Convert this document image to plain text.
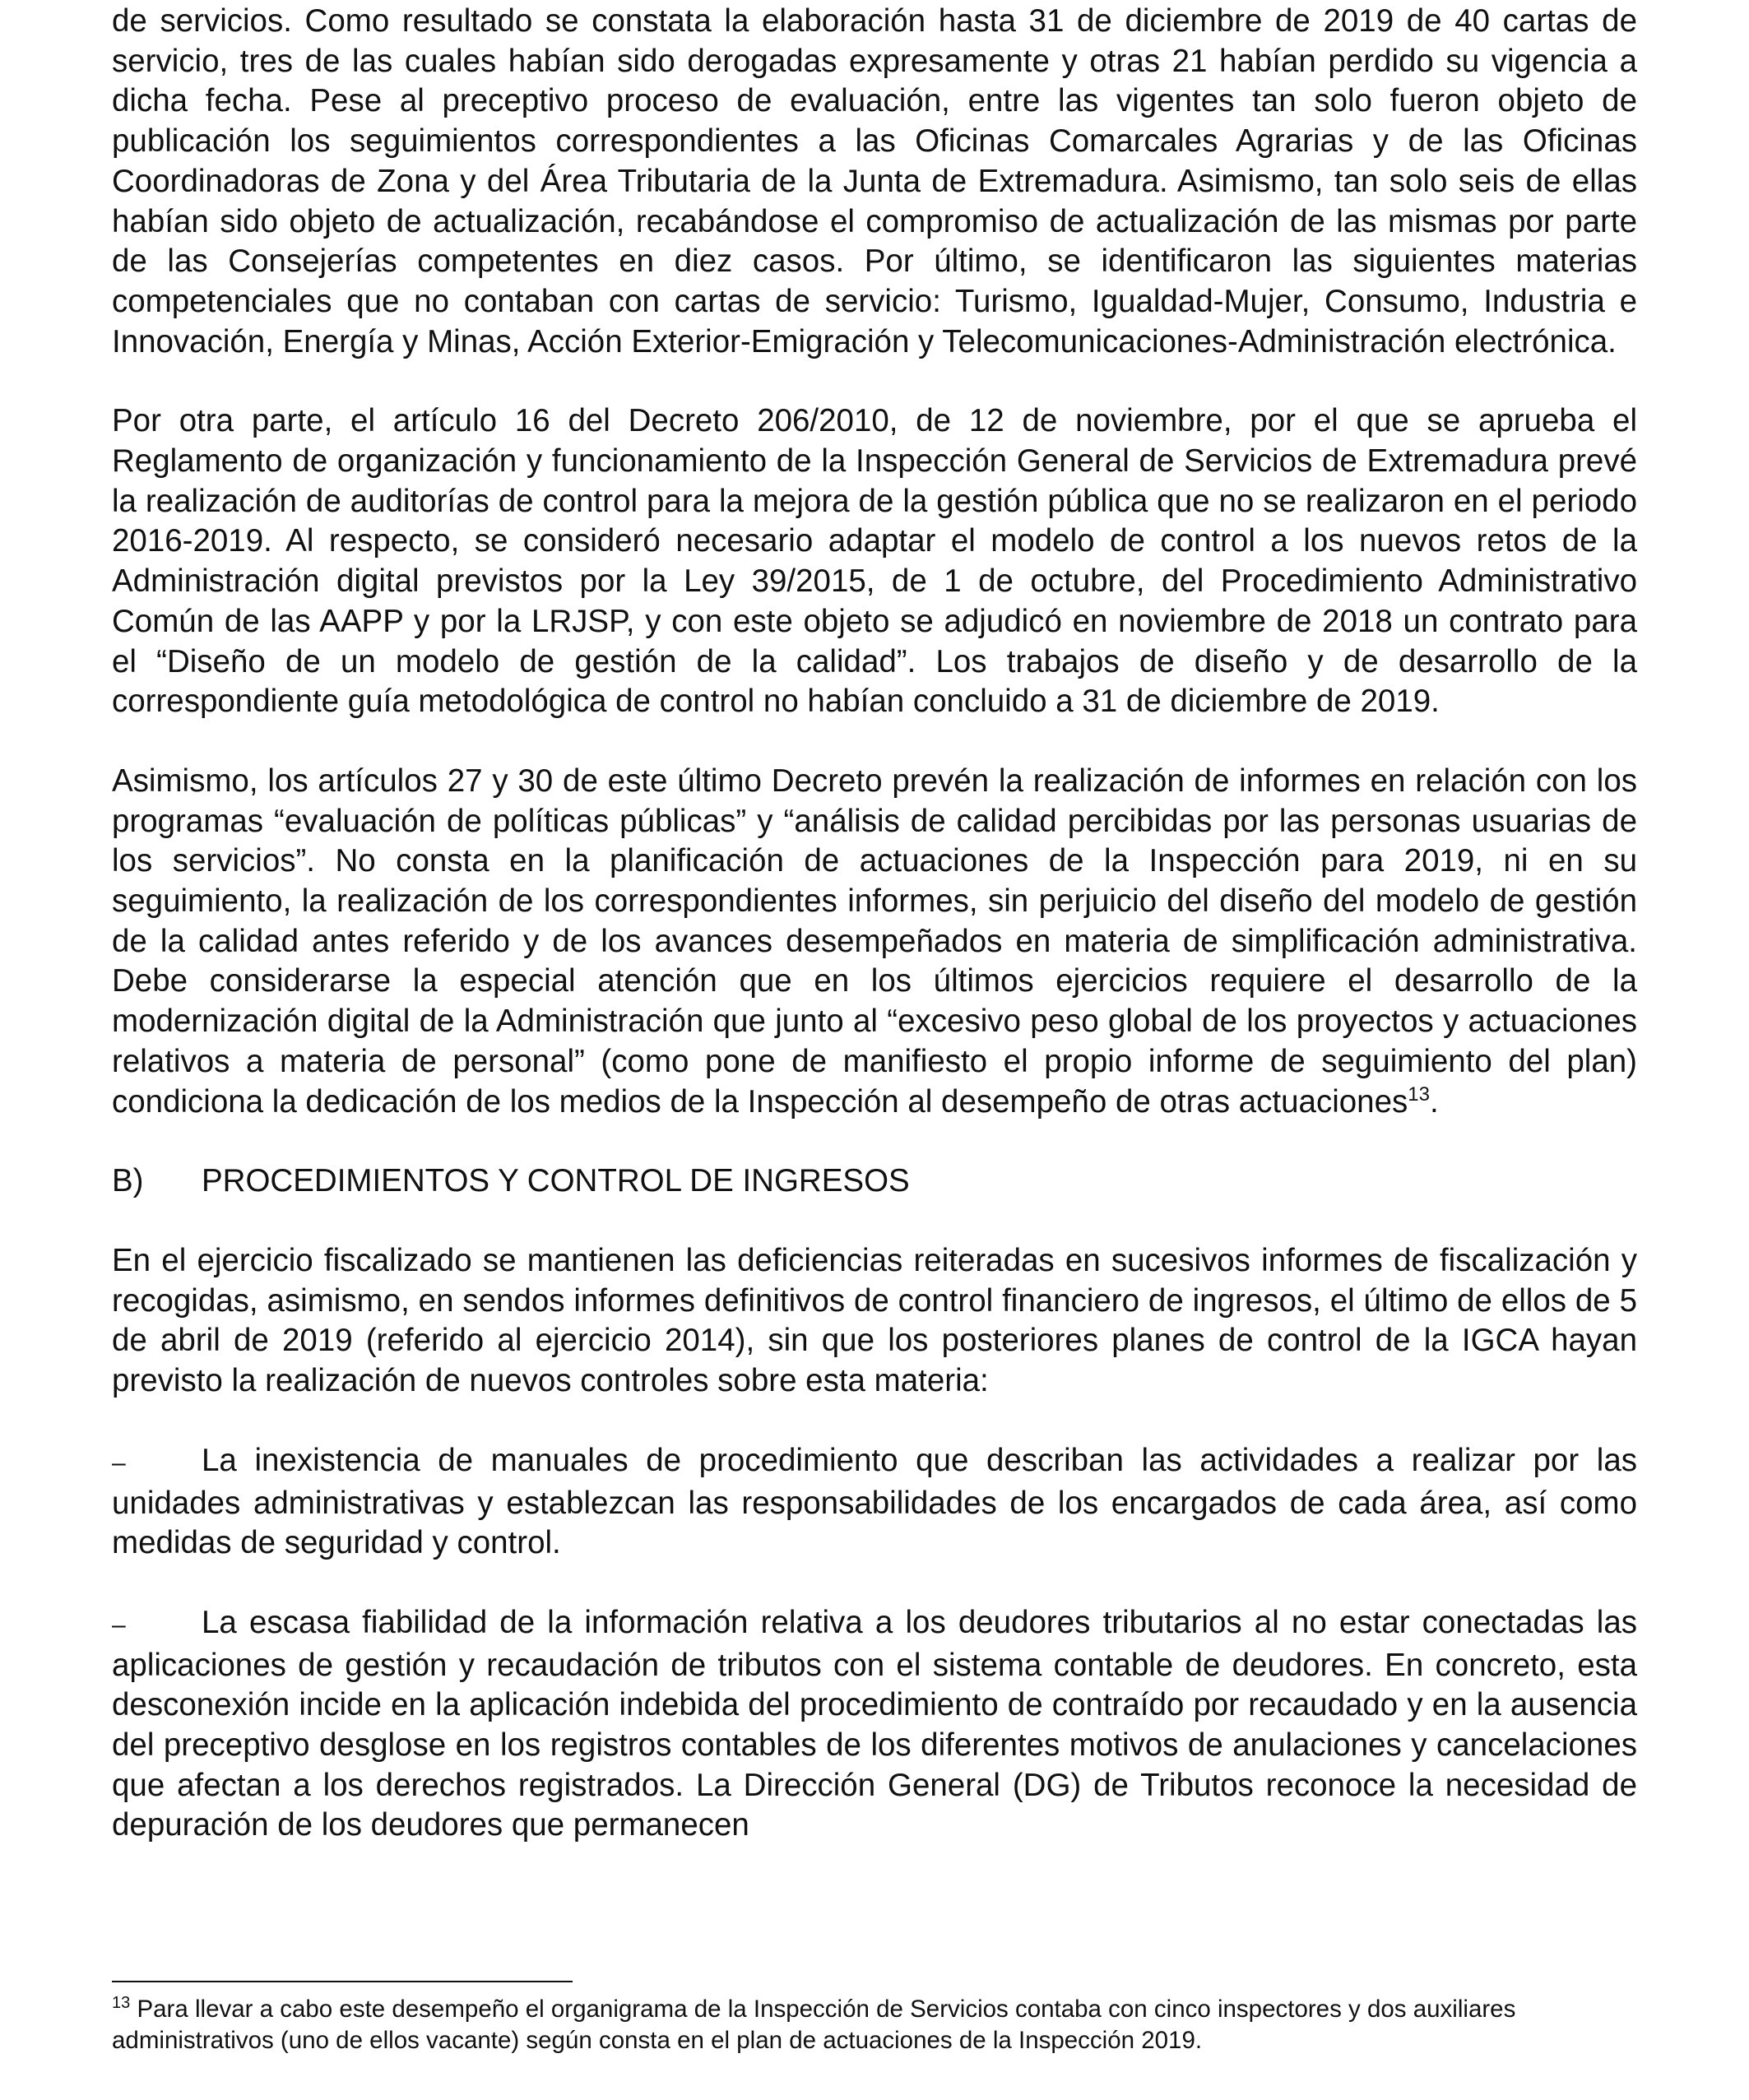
de servicios. Como resultado se constata la elaboración hasta 31 de diciembre de 2019 de 40 cartas de servicio, tres de las cuales habían sido derogadas expresamente y otras 21 habían perdido su vigencia a dicha fecha. Pese al preceptivo proceso de evaluación, entre las vigentes tan solo fueron objeto de publicación los seguimientos correspondientes a las Oficinas Comarcales Agrarias y de las Oficinas Coordinadoras de Zona y del Área Tributaria de la Junta de Extremadura. Asimismo, tan solo seis de ellas habían sido objeto de actualización, recabándose el compromiso de actualización de las mismas por parte de las Consejerías competentes en diez casos. Por último, se identificaron las siguientes materias competenciales que no contaban con cartas de servicio: Turismo, Igualdad-Mujer, Consumo, Industria e Innovación, Energía y Minas, Acción Exterior-Emigración y Telecomunicaciones-Administración electrónica.

Por otra parte, el artículo 16 del Decreto 206/2010, de 12 de noviembre, por el que se aprueba el Reglamento de organización y funcionamiento de la Inspección General de Servicios de Extremadura prevé la realización de auditorías de control para la mejora de la gestión pública que no se realizaron en el periodo 2016-2019. Al respecto, se consideró necesario adaptar el modelo de control a los nuevos retos de la Administración digital previstos por la Ley 39/2015, de 1 de octubre, del Procedimiento Administrativo Común de las AAPP y por la LRJSP, y con este objeto se adjudicó en noviembre de 2018 un contrato para el “Diseño de un modelo de gestión de la calidad”. Los trabajos de diseño y de desarrollo de la correspondiente guía metodológica de control no habían concluido a 31 de diciembre de 2019.

Asimismo, los artículos 27 y 30 de este último Decreto prevén la realización de informes en relación con los programas “evaluación de políticas públicas” y “análisis de calidad percibidas por las personas usuarias de los servicios”. No consta en la planificación de actuaciones de la Inspección para 2019, ni en su seguimiento, la realización de los correspondientes informes, sin perjuicio del diseño del modelo de gestión de la calidad antes referido y de los avances desempeñados en materia de simplificación administrativa. Debe considerarse la especial atención que en los últimos ejercicios requiere el desarrollo de la modernización digital de la Administración que junto al “excesivo peso global de los proyectos y actuaciones relativos a materia de personal” (como pone de manifiesto el propio informe de seguimiento del plan) condiciona la dedicación de los medios de la Inspección al desempeño de otras actuaciones$^{13}$.

B)	PROCEDIMIENTOS Y CONTROL DE INGRESOS

En el ejercicio fiscalizado se mantienen las deficiencias reiteradas en sucesivos informes de fiscalización y recogidas, asimismo, en sendos informes definitivos de control financiero de ingresos, el último de ellos de 5 de abril de 2019 (referido al ejercicio 2014), sin que los posteriores planes de control de la IGCA hayan previsto la realización de nuevos controles sobre esta materia:

– La inexistencia de manuales de procedimiento que describan las actividades a realizar por las unidades administrativas y establezcan las responsabilidades de los encargados de cada área, así como medidas de seguridad y control.

– La escasa fiabilidad de la información relativa a los deudores tributarios al no estar conectadas las aplicaciones de gestión y recaudación de tributos con el sistema contable de deudores. En concreto, esta desconexión incide en la aplicación indebida del procedimiento de contraído por recaudado y en la ausencia del preceptivo desglose en los registros contables de los diferentes motivos de anulaciones y cancelaciones que afectan a los derechos registrados. La Dirección General (DG) de Tributos reconoce la necesidad de depuración de los deudores que permanecen

$^{13}$ Para llevar a cabo este desempeño el organigrama de la Inspección de Servicios contaba con cinco inspectores y dos auxiliares administrativos (uno de ellos vacante) según consta en el plan de actuaciones de la Inspección 2019.
